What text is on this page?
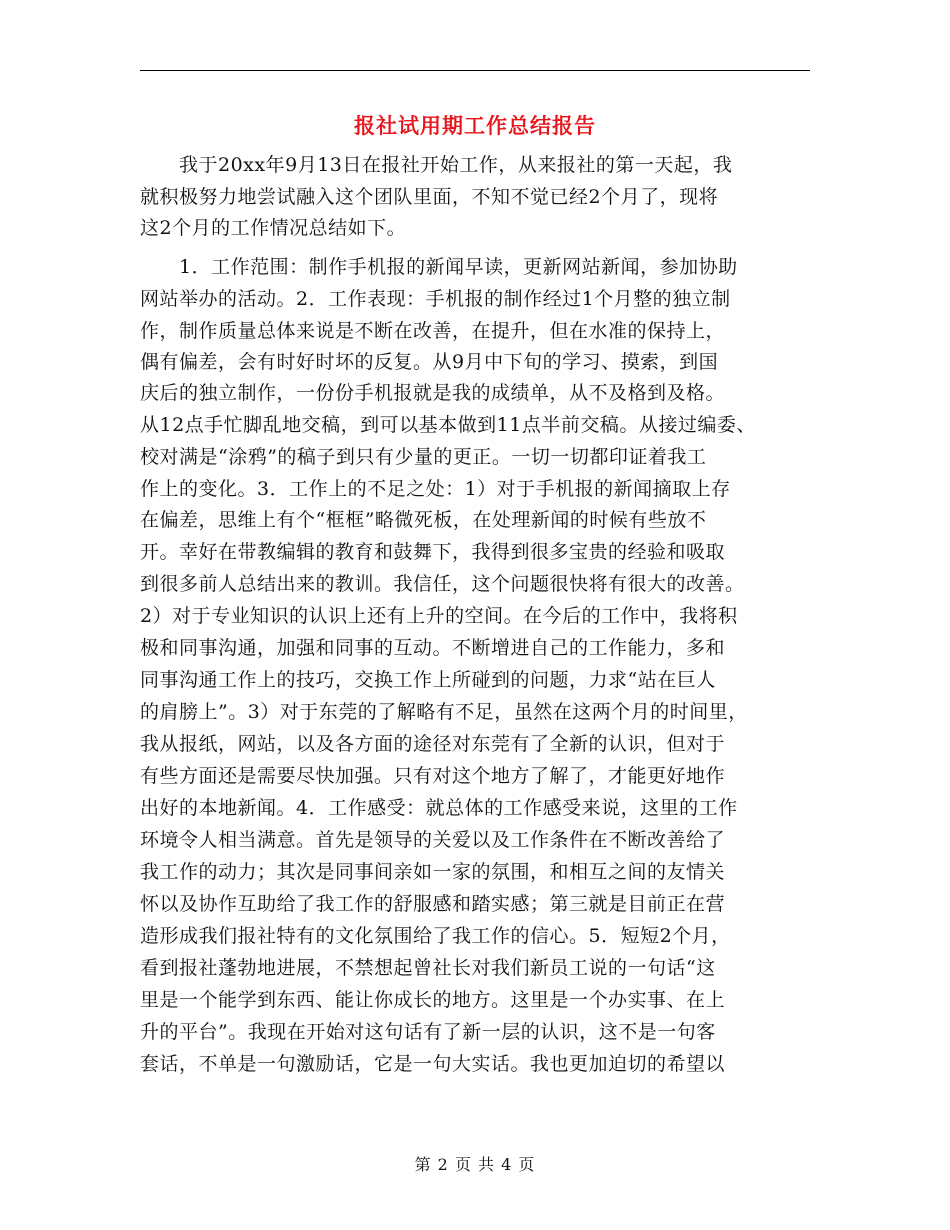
报社试用期工作总结报告
　　我于20xx年9月13日在报社开始工作，从来报社的第一天起，我
就积极努力地尝试融入这个团队里面，不知不觉已经2个月了，现将
这2个月的工作情况总结如下。
　　1．工作范围：制作手机报的新闻早读，更新网站新闻，参加协助
网站举办的活动。2．工作表现：手机报的制作经过1个月整的独立制
作，制作质量总体来说是不断在改善，在提升，但在水准的保持上，
偶有偏差，会有时好时坏的反复。从9月中下旬的学习、摸索，到国
庆后的独立制作，一份份手机报就是我的成绩单，从不及格到及格。
从12点手忙脚乱地交稿，到可以基本做到11点半前交稿。从接过编委、
校对满是“涂鸦”的稿子到只有少量的更正。一切一切都印证着我工
作上的变化。3．工作上的不足之处：1）对于手机报的新闻摘取上存
在偏差，思维上有个“框框”略微死板，在处理新闻的时候有些放不
开。幸好在带教编辑的教育和鼓舞下，我得到很多宝贵的经验和吸取
到很多前人总结出来的教训。我信任，这个问题很快将有很大的改善。
2）对于专业知识的认识上还有上升的空间。在今后的工作中，我将积
极和同事沟通，加强和同事的互动。不断增进自己的工作能力，多和
同事沟通工作上的技巧，交换工作上所碰到的问题，力求“站在巨人
的肩膀上”。3）对于东莞的了解略有不足，虽然在这两个月的时间里，
我从报纸，网站，以及各方面的途径对东莞有了全新的认识，但对于
有些方面还是需要尽快加强。只有对这个地方了解了，才能更好地作
出好的本地新闻。4．工作感受：就总体的工作感受来说，这里的工作
环境令人相当满意。首先是领导的关爱以及工作条件在不断改善给了
我工作的动力；其次是同事间亲如一家的氛围，和相互之间的友情关
怀以及协作互助给了我工作的舒服感和踏实感；第三就是目前正在营
造形成我们报社特有的文化氛围给了我工作的信心。5．短短2个月，
看到报社蓬勃地进展，不禁想起曾社长对我们新员工说的一句话“这
里是一个能学到东西、能让你成长的地方。这里是一个办实事、在上
升的平台”。我现在开始对这句话有了新一层的认识，这不是一句客
套话，不单是一句激励话，它是一句大实话。我也更加迫切的希望以
第 2 页 共 4 页
